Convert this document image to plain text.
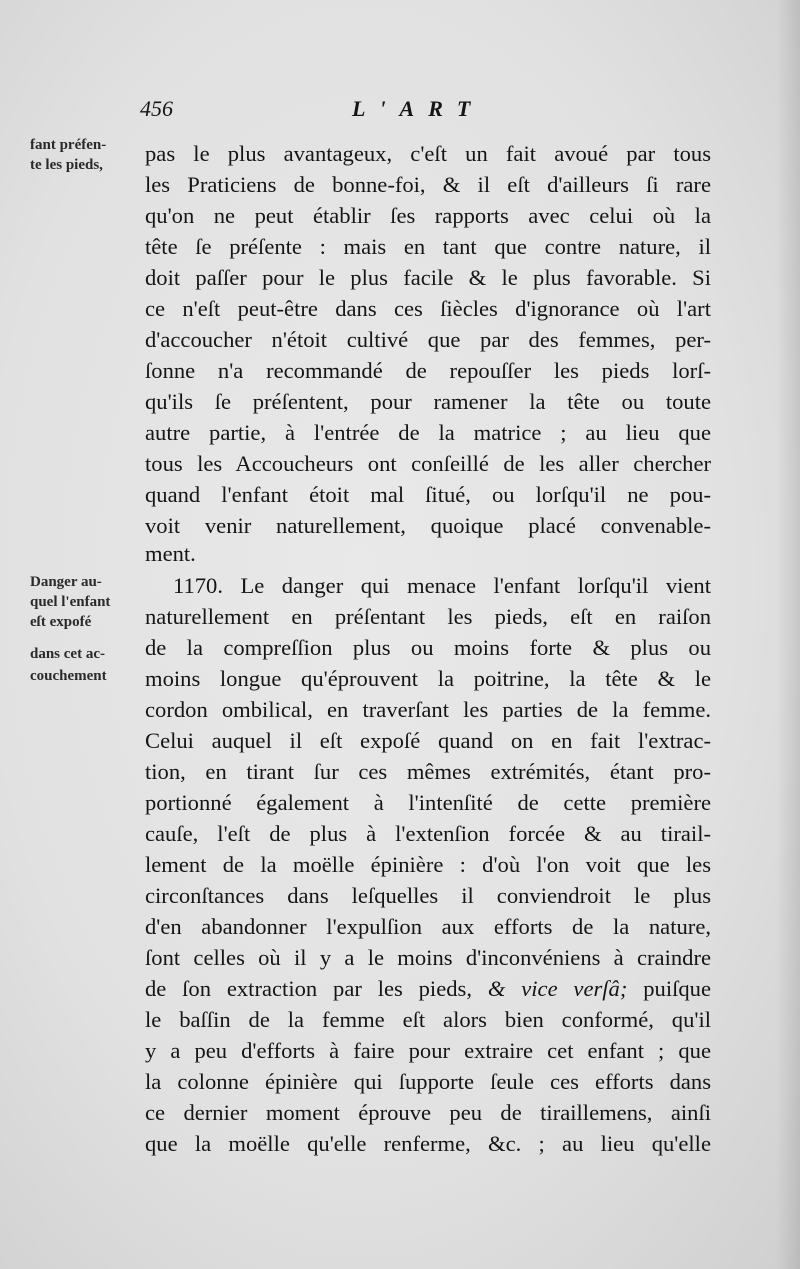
456	L'ART
fant préfen-
te les pieds,
Danger au-
quel l'enfant
eſt expofé
dans cet ac-
couchement
pas le plus avantageux, c'eſt un fait avoué par tous
les Praticiens de bonne-foi, & il eſt d'ailleurs ſi rare
qu'on ne peut établir ſes rapports avec celui où la
tête ſe préſente : mais en tant que contre nature, il
doit paſſer pour le plus facile & le plus favorable. Si
ce n'eſt peut-être dans ces ſiècles d'ignorance où l'art
d'accoucher n'étoit cultivé que par des femmes, per-
ſonne n'a recommandé de repouſſer les pieds lorſ-
qu'ils ſe préſentent, pour ramener la tête ou toute
autre partie, à l'entrée de la matrice ; au lieu que
tous les Accoucheurs ont conſeillé de les aller chercher
quand l'enfant étoit mal ſitué, ou lorſqu'il ne pou-
voit venir naturellement, quoique placé convenable-
ment.
1170. Le danger qui menace l'enfant lorſqu'il vient
naturellement en préſentant les pieds, eſt en raiſon
de la compreſſion plus ou moins forte & plus ou
moins longue qu'éprouvent la poitrine, la tête & le
cordon ombilical, en traverſant les parties de la femme.
Celui auquel il eſt expoſé quand on en fait l'extrac-
tion, en tirant ſur ces mêmes extrémités, étant pro-
portionné également à l'intenſité de cette première
cauſe, l'eſt de plus à l'extenſion forcée & au tirail-
lement de la moëlle épinière : d'où l'on voit que les
circonſtances dans leſquelles il conviendroit le plus
d'en abandonner l'expulſion aux efforts de la nature,
ſont celles où il y a le moins d'inconvéniens à craindre
de ſon extraction par les pieds, & vice verſâ; puiſque
le baſſin de la femme eſt alors bien conformé, qu'il
y a peu d'efforts à faire pour extraire cet enfant ; que
la colonne épinière qui ſupporte ſeule ces efforts dans
ce dernier moment éprouve peu de tiraillemens, ainſi
que la moëlle qu'elle renferme, &c. ; au lieu qu'elle
